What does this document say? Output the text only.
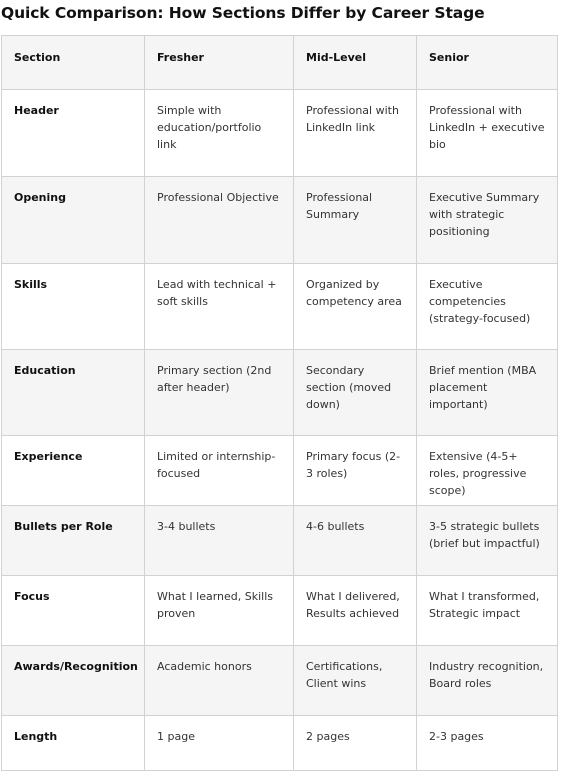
Quick Comparison: How Sections Differ by Career Stage
Section	Fresher	Mid-Level	Senior
Header	Simple with education/portfolio link	Professional with LinkedIn link	Professional with LinkedIn + executive bio
Opening	Professional Objective	Professional Summary	Executive Summary with strategic positioning
Skills	Lead with technical + soft skills	Organized by competency area	Executive competencies (strategy-focused)
Education	Primary section (2nd after header)	Secondary section (moved down)	Brief mention (MBA placement important)
Experience	Limited or internship-focused	Primary focus (2-3 roles)	Extensive (4-5+ roles, progressive scope)
Bullets per Role	3-4 bullets	4-6 bullets	3-5 strategic bullets (brief but impactful)
Focus	What I learned, Skills proven	What I delivered, Results achieved	What I transformed, Strategic impact
Awards/Recognition	Academic honors	Certifications, Client wins	Industry recognition, Board roles
Length	1 page	2 pages	2-3 pages
